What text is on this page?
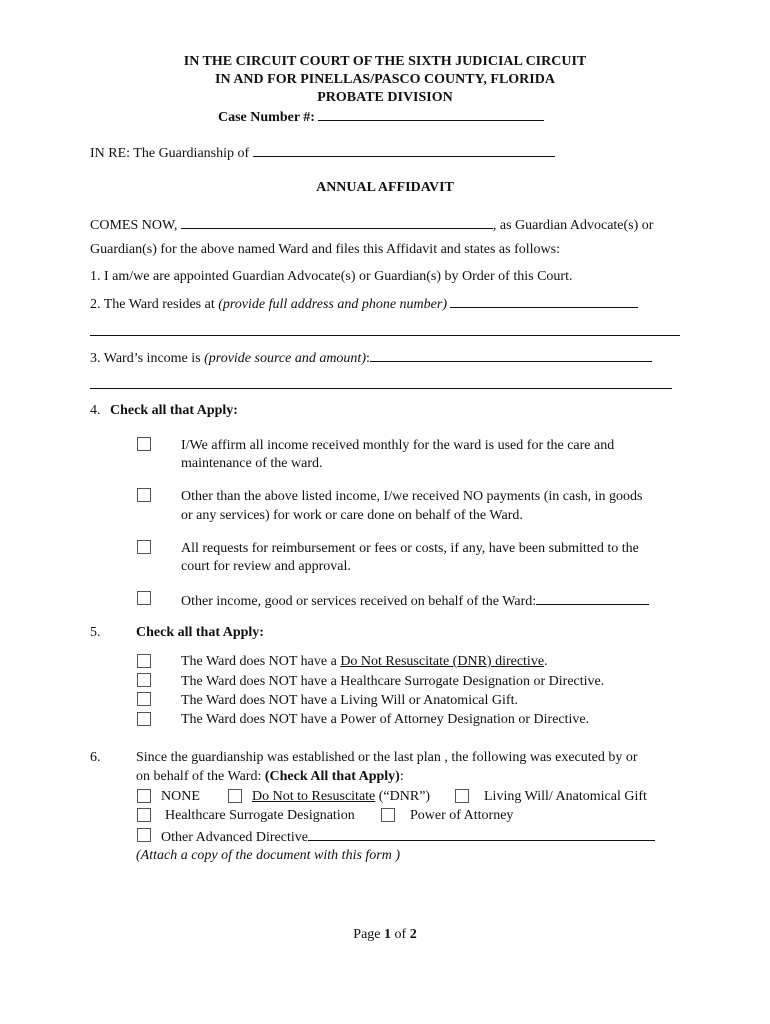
IN THE CIRCUIT COURT OF THE SIXTH JUDICIAL CIRCUIT
IN AND FOR PINELLAS/PASCO COUNTY, FLORIDA
PROBATE DIVISION
Case Number #:
IN RE: The Guardianship of
ANNUAL AFFIDAVIT
COMES NOW,	, as Guardian Advocate(s) or
Guardian(s) for the above named Ward and files this Affidavit and states as follows:
1. I am/we are appointed Guardian Advocate(s) or Guardian(s) by Order of this Court.
2. The Ward resides at (provide full address and phone number)
3. Ward’s income is (provide source and amount):
4. Check all that Apply:
I/We affirm all income received monthly for the ward is used for the care and
maintenance of the ward.
Other than the above listed income, I/we received NO payments (in cash, in goods
or any services) for work or care done on behalf of the Ward.
All requests for reimbursement or fees or costs, if any, have been submitted to the
court for review and approval.
Other income, good or services received on behalf of the Ward:
5.	Check all that Apply:
The Ward does NOT have a Do Not Resuscitate (DNR) directive.
The Ward does NOT have a Healthcare Surrogate Designation or Directive.
The Ward does NOT have a Living Will or Anatomical Gift.
The Ward does NOT have a Power of Attorney Designation or Directive.
6.	Since the guardianship was established or the last plan , the following was executed by or
on behalf of the Ward: (Check All that Apply):
NONE	Do Not to Resuscitate (“DNR”)	Living Will/ Anatomical Gift
Healthcare Surrogate Designation	Power of Attorney
Other Advanced Directive
(Attach a copy of the document with this form )
Page 1 of 2
